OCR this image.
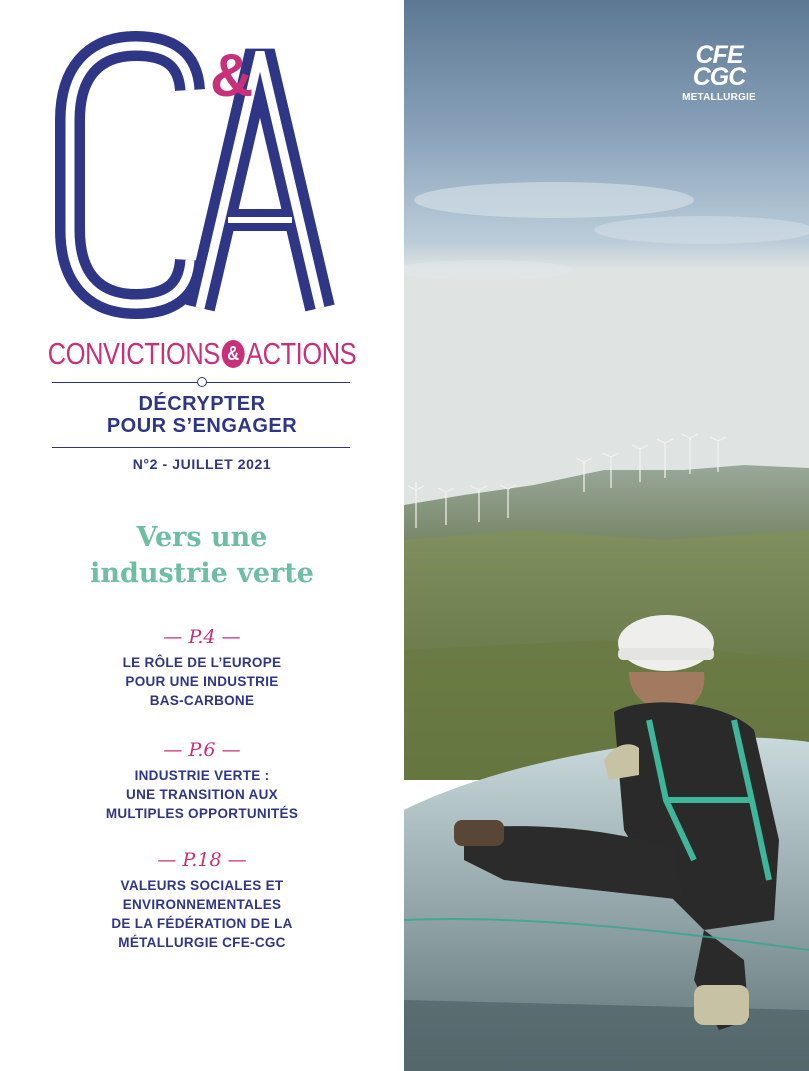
&
CONVICTIONS & ACTIONS
DÉCRYPTER
POUR S’ENGAGER
N°2 - JUILLET 2021
Vers une
industrie verte
— P.4 —
LE RÔLE DE L’EUROPE
POUR UNE INDUSTRIE
BAS-CARBONE
— P.6 —
INDUSTRIE VERTE :
UNE TRANSITION AUX
MULTIPLES OPPORTUNITÉS
— P.18 —
VALEURS SOCIALES ET
ENVIRONNEMENTALES
DE LA FÉDÉRATION DE LA
MÉTALLURGIE CFE-CGC
CFE
CGC
METALLURGIE
